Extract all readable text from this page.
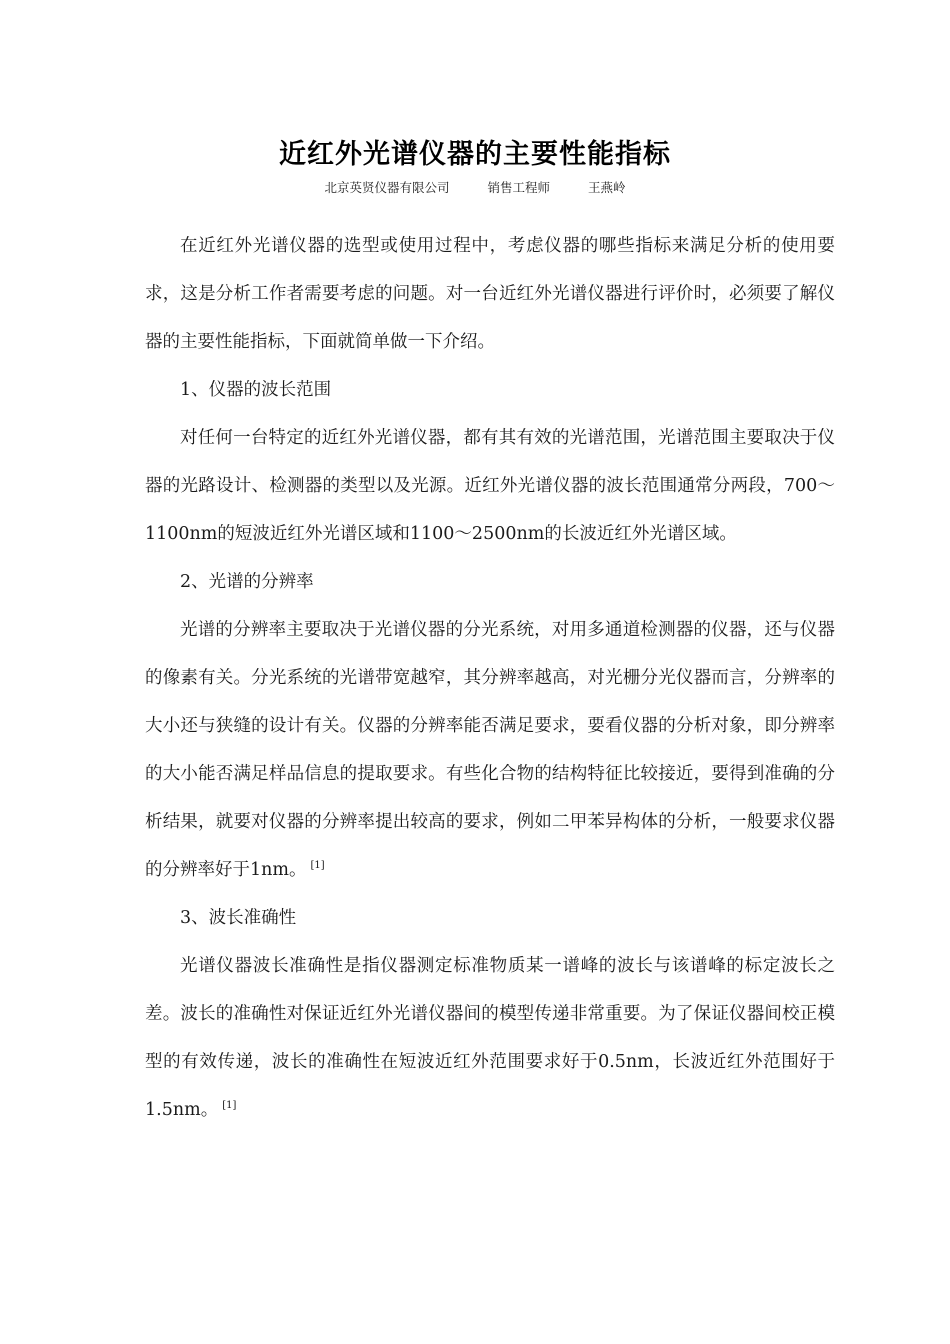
近红外光谱仪器的主要性能指标
北京英贤仪器有限公司	销售工程师	王燕岭

在近红外光谱仪器的选型或使用过程中，考虑仪器的哪些指标来满足分析的使用要求，这是分析工作者需要考虑的问题。对一台近红外光谱仪器进行评价时，必须要了解仪器的主要性能指标，下面就简单做一下介绍。

1、仪器的波长范围

对任何一台特定的近红外光谱仪器，都有其有效的光谱范围，光谱范围主要取决于仪器的光路设计、检测器的类型以及光源。近红外光谱仪器的波长范围通常分两段，700～1100nm的短波近红外光谱区域和1100～2500nm的长波近红外光谱区域。

2、光谱的分辨率

光谱的分辨率主要取决于光谱仪器的分光系统，对用多通道检测器的仪器，还与仪器的像素有关。分光系统的光谱带宽越窄，其分辨率越高，对光栅分光仪器而言，分辨率的大小还与狭缝的设计有关。仪器的分辨率能否满足要求，要看仪器的分析对象，即分辨率的大小能否满足样品信息的提取要求。有些化合物的结构特征比较接近，要得到准确的分析结果，就要对仪器的分辨率提出较高的要求，例如二甲苯异构体的分析，一般要求仪器的分辨率好于1nm。 [1]

3、波长准确性

光谱仪器波长准确性是指仪器测定标准物质某一谱峰的波长与该谱峰的标定波长之差。波长的准确性对保证近红外光谱仪器间的模型传递非常重要。为了保证仪器间校正模型的有效传递，波长的准确性在短波近红外范围要求好于0.5nm，长波近红外范围好于1.5nm。 [1]
